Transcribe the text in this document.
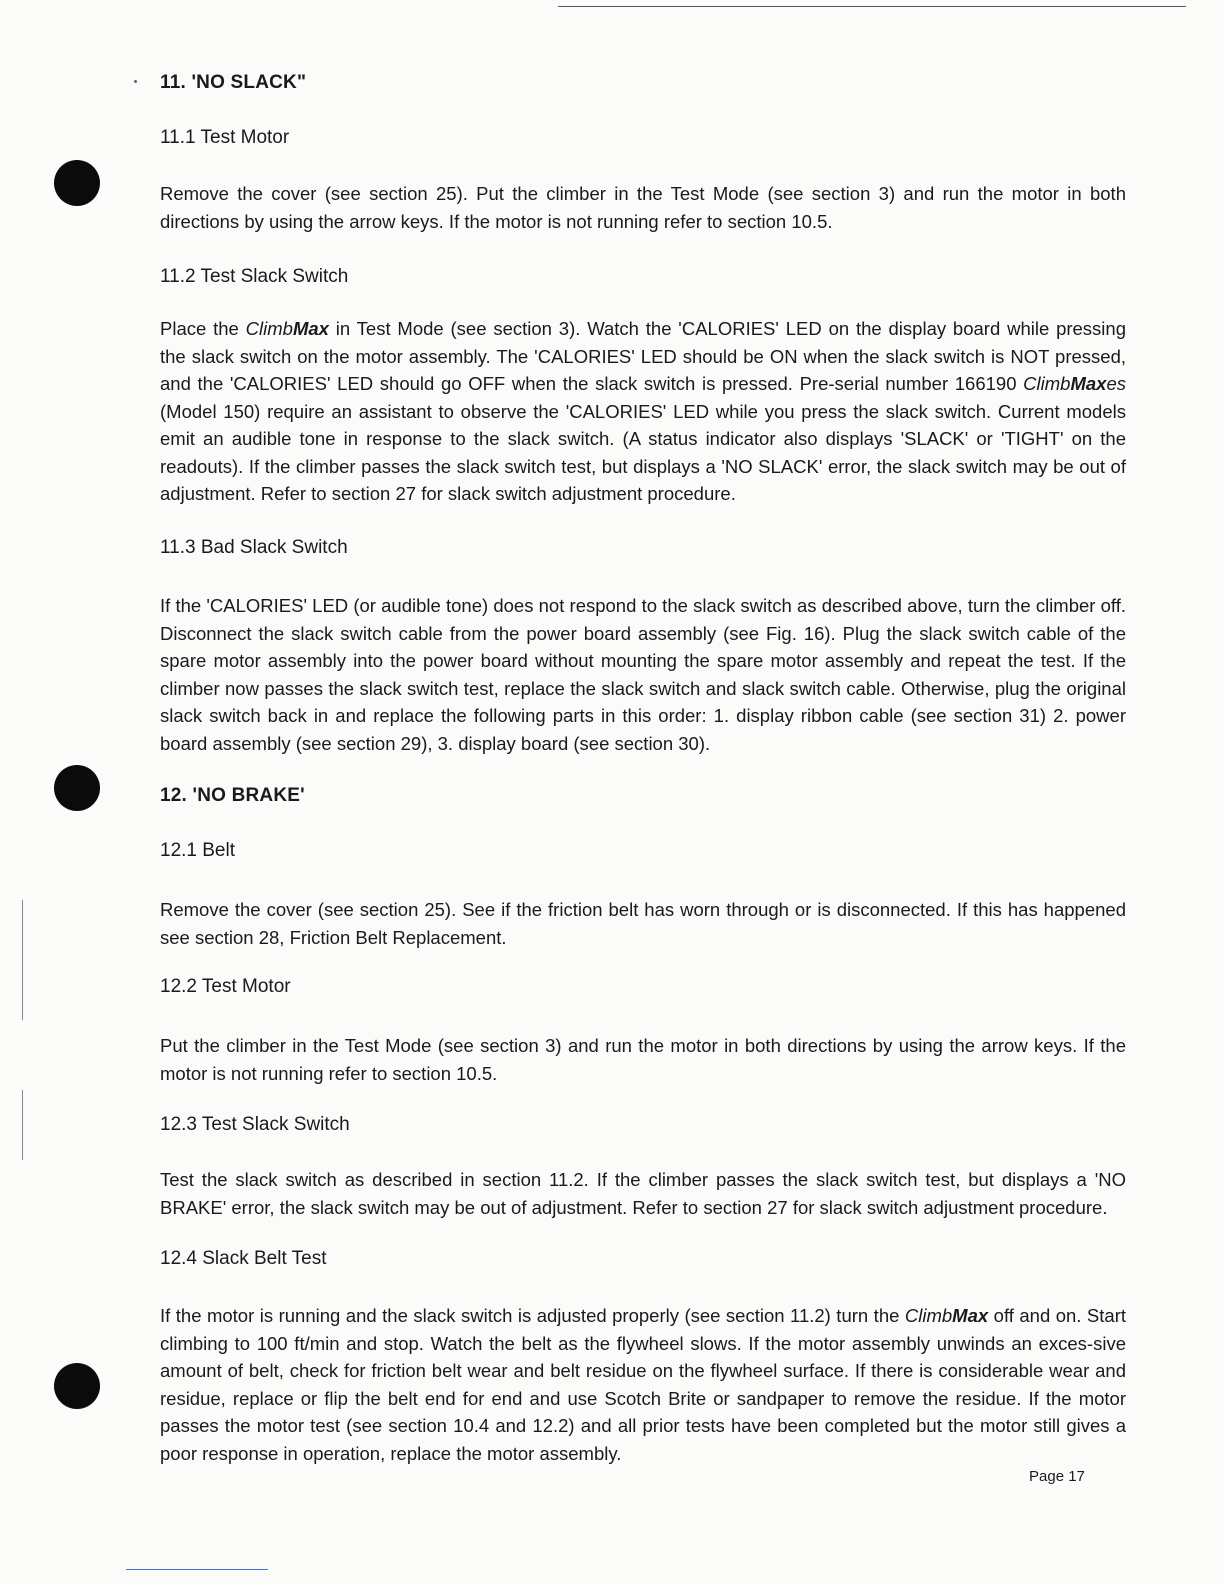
11. 'NO SLACK"

11.1 Test Motor

Remove the cover (see section 25). Put the climber in the Test Mode (see section 3) and run the motor in both directions by using the arrow keys. If the motor is not running refer to section 10.5.

11.2 Test Slack Switch

Place the ClimbMax in Test Mode (see section 3). Watch the 'CALORIES' LED on the display board while pressing the slack switch on the motor assembly. The 'CALORIES' LED should be ON when the slack switch is NOT pressed, and the 'CALORIES' LED should go OFF when the slack switch is pressed. Pre-serial number 166190 ClimbMaxes (Model 150) require an assistant to observe the 'CALORIES' LED while you press the slack switch. Current models emit an audible tone in response to the slack switch. (A status indicator also displays 'SLACK' or 'TIGHT' on the readouts). If the climber passes the slack switch test, but displays a 'NO SLACK' error, the slack switch may be out of adjustment. Refer to section 27 for slack switch adjustment procedure.

11.3 Bad Slack Switch

If the 'CALORIES' LED (or audible tone) does not respond to the slack switch as described above, turn the climber off. Disconnect the slack switch cable from the power board assembly (see Fig. 16). Plug the slack switch cable of the spare motor assembly into the power board without mounting the spare motor assembly and repeat the test. If the climber now passes the slack switch test, replace the slack switch and slack switch cable. Otherwise, plug the original slack switch back in and replace the following parts in this order: 1. display ribbon cable (see section 31) 2. power board assembly (see section 29), 3. display board (see section 30).

12. 'NO BRAKE'

12.1 Belt

Remove the cover (see section 25). See if the friction belt has worn through or is disconnected. If this has happened see section 28, Friction Belt Replacement.

12.2 Test Motor

Put the climber in the Test Mode (see section 3) and run the motor in both directions by using the arrow keys. If the motor is not running refer to section 10.5.

12.3 Test Slack Switch

Test the slack switch as described in section 11.2. If the climber passes the slack switch test, but displays a 'NO BRAKE' error, the slack switch may be out of adjustment. Refer to section 27 for slack switch adjustment procedure.

12.4 Slack Belt Test

If the motor is running and the slack switch is adjusted properly (see section 11.2) turn the ClimbMax off and on. Start climbing to 100 ft/min and stop. Watch the belt as the flywheel slows. If the motor assembly unwinds an exces-sive amount of belt, check for friction belt wear and belt residue on the flywheel surface. If there is considerable wear and residue, replace or flip the belt end for end and use Scotch Brite or sandpaper to remove the residue. If the motor passes the motor test (see section 10.4 and 12.2) and all prior tests have been completed but the motor still gives a poor response in operation, replace the motor assembly.

Page 17
